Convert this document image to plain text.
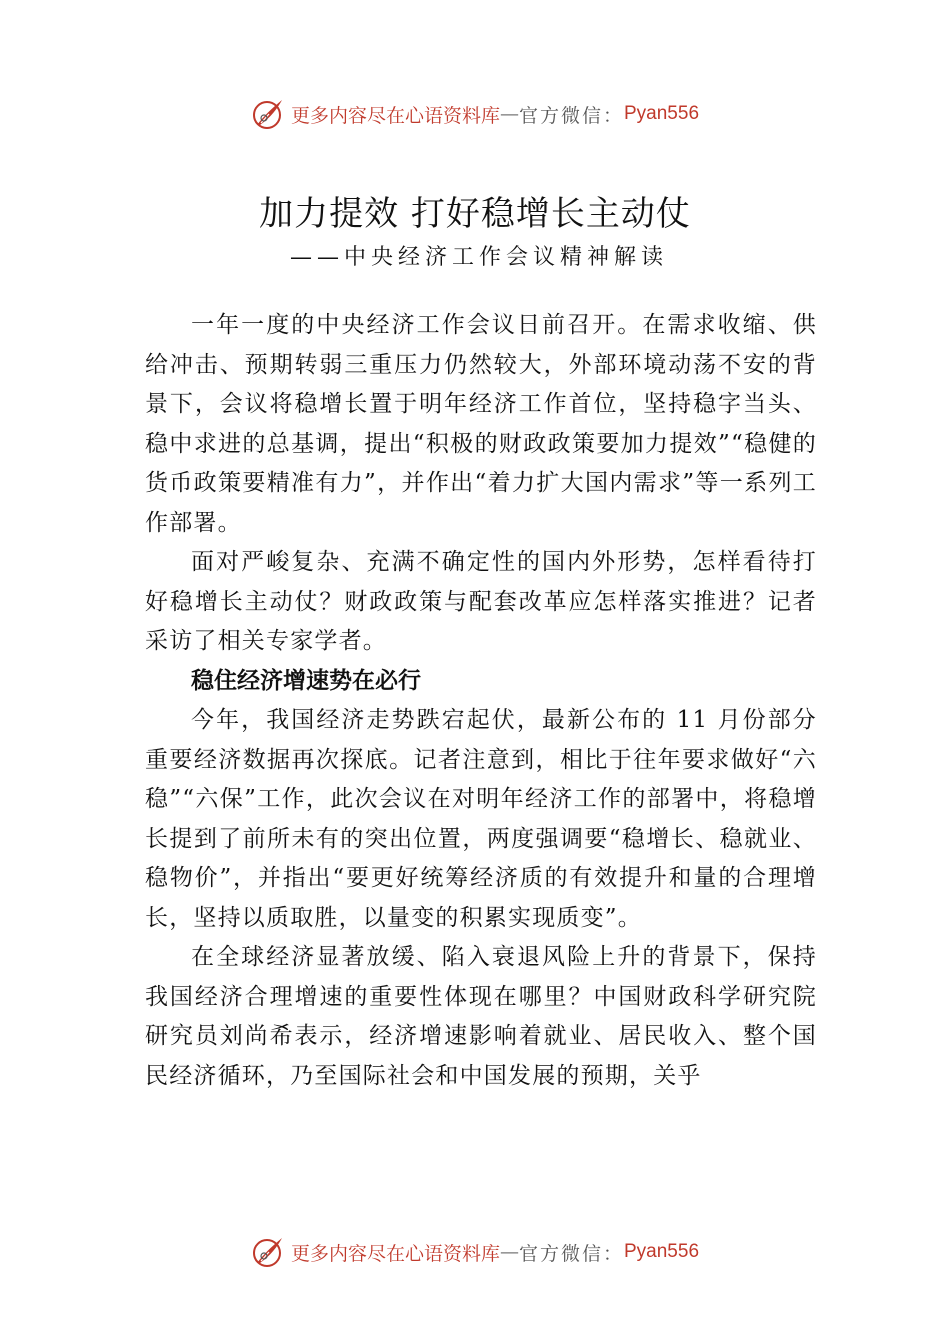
更多内容尽在心语资料库 — 官方微信： Pyan556
加力提效 打好稳增长主动仗
——中央经济工作会议精神解读

一年一度的中央经济工作会议日前召开。在需求收缩、供给冲击、预期转弱三重压力仍然较大，外部环境动荡不安的背景下，会议将稳增长置于明年经济工作首位，坚持稳字当头、稳中求进的总基调，提出“积极的财政政策要加力提效”“稳健的货币政策要精准有力”，并作出“着力扩大国内需求”等一系列工作部署。

面对严峻复杂、充满不确定性的国内外形势，怎样看待打好稳增长主动仗？财政政策与配套改革应怎样落实推进？记者采访了相关专家学者。

稳住经济增速势在必行

今年，我国经济走势跌宕起伏，最新公布的 11 月份部分重要经济数据再次探底。记者注意到，相比于往年要求做好“六稳”“六保”工作，此次会议在对明年经济工作的部署中，将稳增长提到了前所未有的突出位置，两度强调要“稳增长、稳就业、稳物价”，并指出“要更好统筹经济质的有效提升和量的合理增长，坚持以质取胜，以量变的积累实现质变”。

在全球经济显著放缓、陷入衰退风险上升的背景下，保持我国经济合理增速的重要性体现在哪里？中国财政科学研究院研究员刘尚希表示，经济增速影响着就业、居民收入、整个国民经济循环，乃至国际社会和中国发展的预期，关乎

更多内容尽在心语资料库 — 官方微信： Pyan556
